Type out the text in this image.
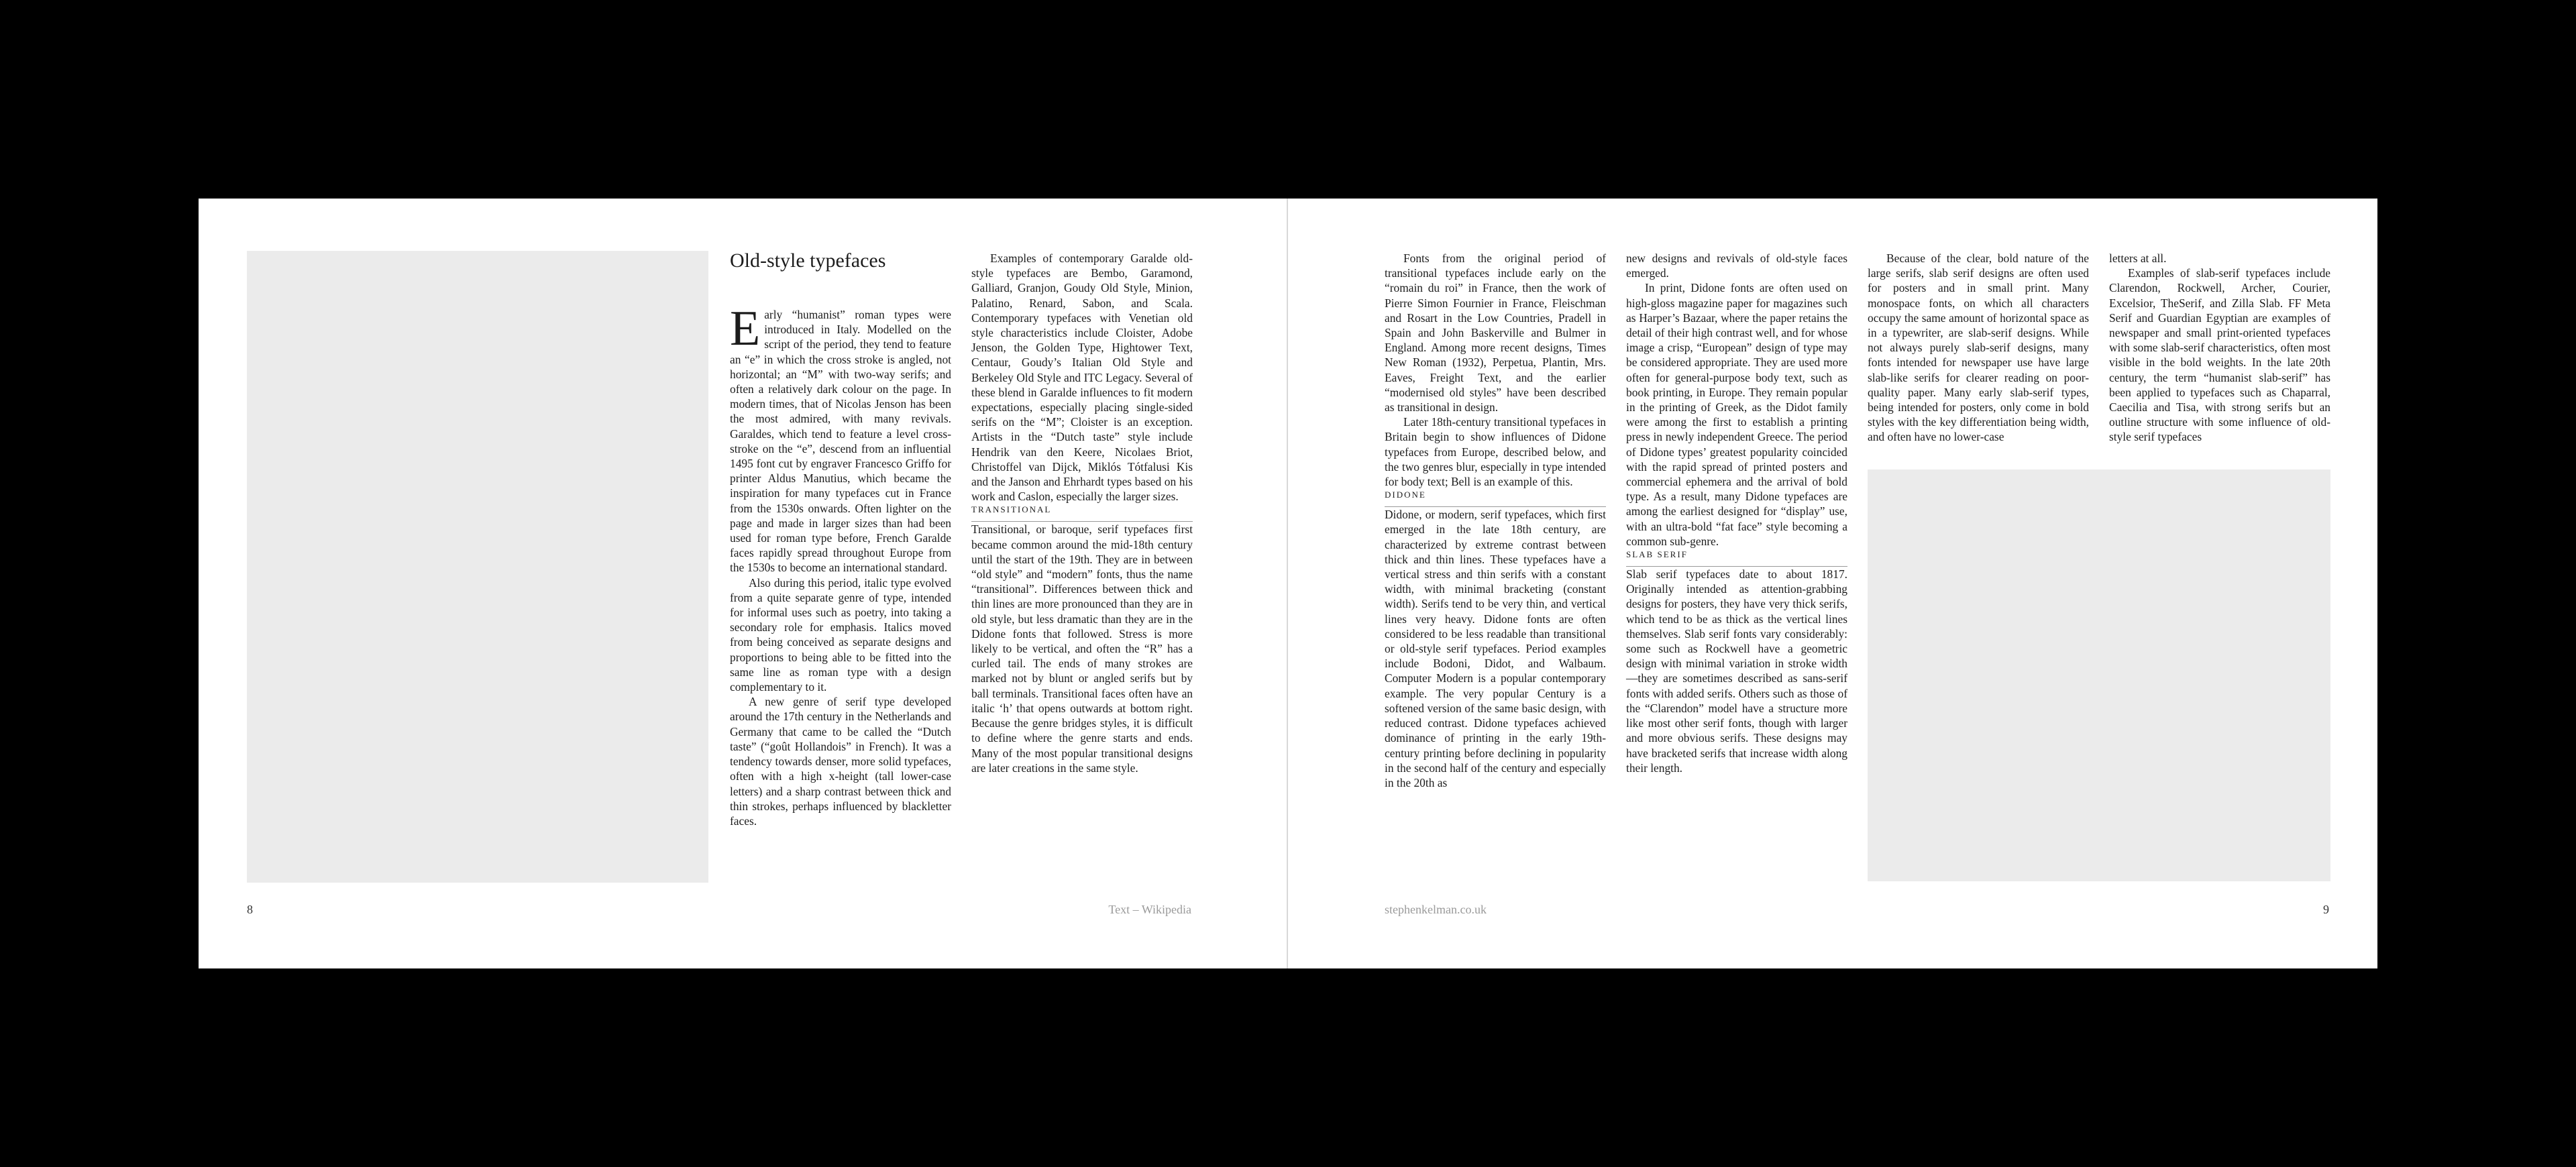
Old-style typefaces

Early “humanist” roman types were introduced in Italy. Modelled on the script of the period, they tend to feature an “e” in which the cross stroke is angled, not horizontal; an “M” with two-way serifs; and often a relatively dark colour on the page. In modern times, that of Nicolas Jenson has been the most admired, with many revivals. Garaldes, which tend to feature a level cross-stroke on the “e”, descend from an influential 1495 font cut by engraver Francesco Griffo for printer Aldus Manutius, which became the inspiration for many typefaces cut in France from the 1530s onwards. Often lighter on the page and made in larger sizes than had been used for roman type before, French Garalde faces rapidly spread throughout Europe from the 1530s to become an international standard.

Also during this period, italic type evolved from a quite separate genre of type, intended for informal uses such as poetry, into taking a secondary role for emphasis. Italics moved from being conceived as separate designs and proportions to being able to be fitted into the same line as roman type with a design complementary to it.

A new genre of serif type developed around the 17th century in the Netherlands and Germany that came to be called the “Dutch taste” (“goût Hollandois” in French). It was a tendency towards denser, more solid typefaces, often with a high x-height (tall lower-case letters) and a sharp contrast between thick and thin strokes, perhaps influenced by blackletter faces.

Examples of contemporary Garalde old-style typefaces are Bembo, Garamond, Galliard, Granjon, Goudy Old Style, Minion, Palatino, Renard, Sabon, and Scala. Contemporary typefaces with Venetian old style characteristics include Cloister, Adobe Jenson, the Golden Type, Hightower Text, Centaur, Goudy’s Italian Old Style and Berkeley Old Style and ITC Legacy. Several of these blend in Garalde influences to fit modern expectations, especially placing single-sided serifs on the “M”; Cloister is an exception. Artists in the “Dutch taste” style include Hendrik van den Keere, Nicolaes Briot, Christoffel van Dijck, Miklós Tótfalusi Kis and the Janson and Ehrhardt types based on his work and Caslon, especially the larger sizes.

TRANSITIONAL

Transitional, or baroque, serif typefaces first became common around the mid-18th century until the start of the 19th. They are in between “old style” and “modern” fonts, thus the name “transitional”. Differences between thick and thin lines are more pronounced than they are in old style, but less dramatic than they are in the Didone fonts that followed. Stress is more likely to be vertical, and often the “R” has a curled tail. The ends of many strokes are marked not by blunt or angled serifs but by ball terminals. Transitional faces often have an italic ‘h’ that opens outwards at bottom right. Because the genre bridges styles, it is difficult to define where the genre starts and ends. Many of the most popular transitional designs are later creations in the same style.

8	Text – Wikipedia

Fonts from the original period of transitional typefaces include early on the “romain du roi” in France, then the work of Pierre Simon Fournier in France, Fleischman and Rosart in the Low Countries, Pradell in Spain and John Baskerville and Bulmer in England. Among more recent designs, Times New Roman (1932), Perpetua, Plantin, Mrs. Eaves, Freight Text, and the earlier “modernised old styles” have been described as transitional in design.

Later 18th-century transitional typefaces in Britain begin to show influences of Didone typefaces from Europe, described below, and the two genres blur, especially in type intended for body text; Bell is an example of this.

DIDONE

Didone, or modern, serif typefaces, which first emerged in the late 18th century, are characterized by extreme contrast between thick and thin lines. These typefaces have a vertical stress and thin serifs with a constant width, with minimal bracketing (constant width). Serifs tend to be very thin, and vertical lines very heavy. Didone fonts are often considered to be less readable than transitional or old-style serif typefaces. Period examples include Bodoni, Didot, and Walbaum. Computer Modern is a popular contemporary example. The very popular Century is a softened version of the same basic design, with reduced contrast. Didone typefaces achieved dominance of printing in the early 19th-century printing before declining in popularity in the second half of the century and especially in the 20th as

new designs and revivals of old-style faces emerged.

In print, Didone fonts are often used on high-gloss magazine paper for magazines such as Harper’s Bazaar, where the paper retains the detail of their high contrast well, and for whose image a crisp, “European” design of type may be considered appropriate. They are used more often for general-purpose body text, such as book printing, in Europe. They remain popular in the printing of Greek, as the Didot family were among the first to establish a printing press in newly independent Greece. The period of Didone types’ greatest popularity coincided with the rapid spread of printed posters and commercial ephemera and the arrival of bold type. As a result, many Didone typefaces are among the earliest designed for “display” use, with an ultra-bold “fat face” style becoming a common sub-genre.

SLAB SERIF

Slab serif typefaces date to about 1817. Originally intended as attention-grabbing designs for posters, they have very thick serifs, which tend to be as thick as the vertical lines themselves. Slab serif fonts vary considerably: some such as Rockwell have a geometric design with minimal variation in stroke width—they are sometimes described as sans-serif fonts with added serifs. Others such as those of the “Clarendon” model have a structure more like most other serif fonts, though with larger and more obvious serifs. These designs may have bracketed serifs that increase width along their length.

Because of the clear, bold nature of the large serifs, slab serif designs are often used for posters and in small print. Many monospace fonts, on which all characters occupy the same amount of horizontal space as in a typewriter, are slab-serif designs. While not always purely slab-serif designs, many fonts intended for newspaper use have large slab-like serifs for clearer reading on poor-quality paper. Many early slab-serif types, being intended for posters, only come in bold styles with the key differentiation being width, and often have no lower-case

letters at all.

Examples of slab-serif typefaces include Clarendon, Rockwell, Archer, Courier, Excelsior, TheSerif, and Zilla Slab. FF Meta Serif and Guardian Egyptian are examples of newspaper and small print-oriented typefaces with some slab-serif characteristics, often most visible in the bold weights. In the late 20th century, the term “humanist slab-serif” has been applied to typefaces such as Chaparral, Caecilia and Tisa, with strong serifs but an outline structure with some influence of old-style serif typefaces

stephenkelman.co.uk	9
